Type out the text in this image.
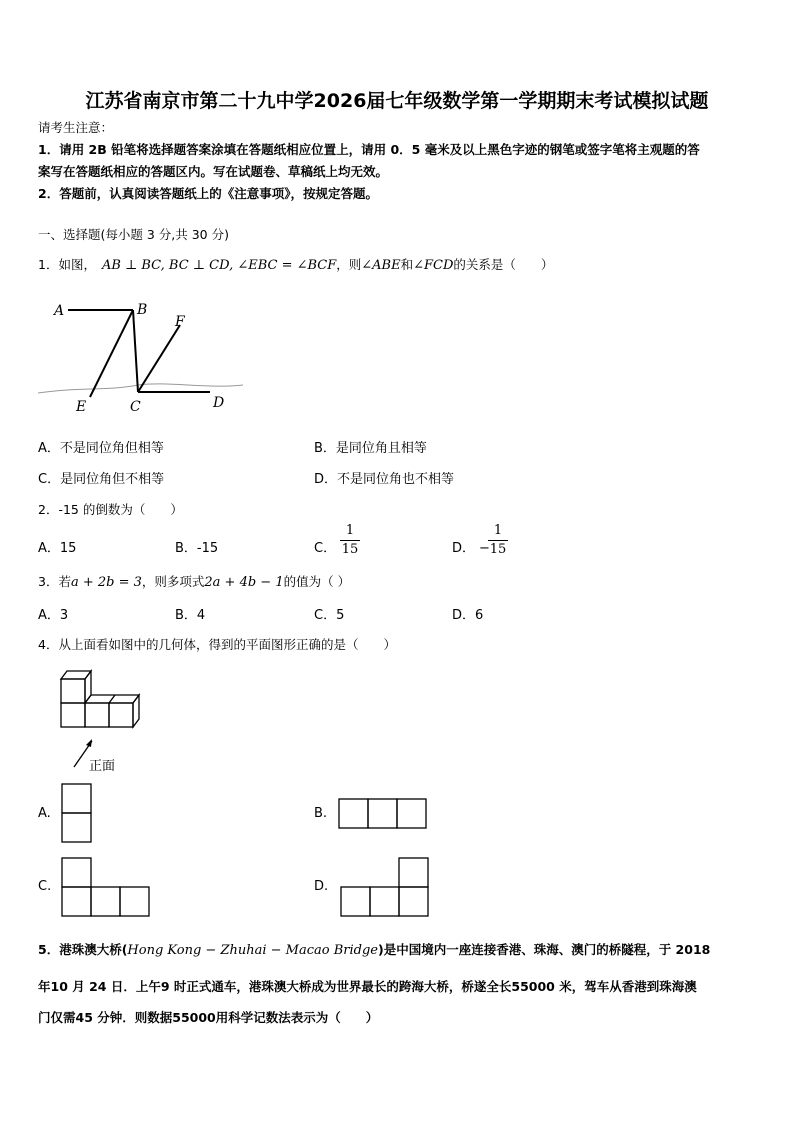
江苏省南京市第二十九中学2026届七年级数学第一学期期末考试模拟试题
请考生注意：
1．请用 2B 铅笔将选择题答案涂填在答题纸相应位置上，请用 0．5 毫米及以上黑色字迹的钢笔或签字笔将主观题的答
案写在答题纸相应的答题区内。写在试题卷、草稿纸上均无效。
2．答题前，认真阅读答题纸上的《注意事项》，按规定答题。
一、选择题(每小题 3 分,共 30 分)
1．如图， AB ⊥ BC, BC ⊥ CD, ∠EBC = ∠BCF，则∠ABE和∠FCD的关系是（　　）
A	B
F
E	C	D
A．不是同位角但相等	B．是同位角且相等
C．是同位角但不相等	D．不是同位角也不相等
2．-15 的倒数为（　　）
A．15	B．-15	C．
1
15	D． −
1
15
3．若a + 2b = 3，则多项式2a + 4b − 1的值为（ ）
A．3	B．4	C．5	D．6
4．从上面看如图中的几何体，得到的平面图形正确的是（　　）
正面
A.	B.
C.	D.
5．港珠澳大桥(Hong Kong − Zhuhai − Macao Bridge)是中国境内一座连接香港、珠海、澳门的桥隧程，于 2018
年10 月 24 日．上午9 时正式通车，港珠澳大桥成为世界最长的跨海大桥，桥遂全长55000 米，驾车从香港到珠海澳
门仅需45 分钟．则数据55000用科学记数法表示为（　　）
